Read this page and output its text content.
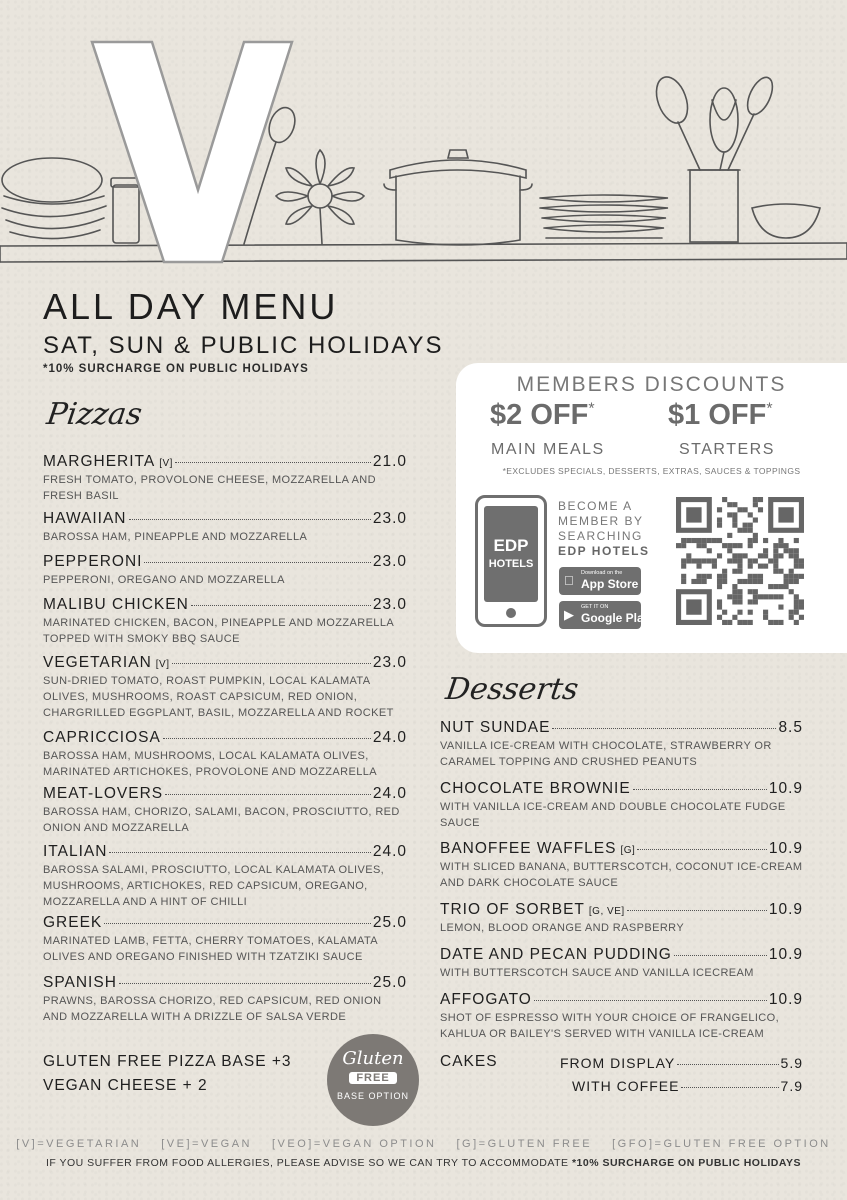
ALL DAY MENU
SAT, SUN & PUBLIC HOLIDAYS
*10% SURCHARGE ON PUBLIC HOLIDAYS
Pizzas
MARGHERITA [V]	21.0
FRESH TOMATO, PROVOLONE CHEESE, MOZZARELLA AND FRESH BASIL
HAWAIIAN	23.0
BAROSSA HAM, PINEAPPLE AND MOZZARELLA
PEPPERONI	23.0
PEPPERONI, OREGANO AND MOZZARELLA
MALIBU CHICKEN	23.0
MARINATED CHICKEN, BACON, PINEAPPLE AND MOZZARELLA TOPPED WITH SMOKY BBQ SAUCE
VEGETARIAN [V]	23.0
SUN-DRIED TOMATO, ROAST PUMPKIN, LOCAL KALAMATA OLIVES, MUSHROOMS, ROAST CAPSICUM, RED ONION, CHARGRILLED EGGPLANT, BASIL, MOZZARELLA AND ROCKET
CAPRICCIOSA	24.0
BAROSSA HAM, MUSHROOMS, LOCAL KALAMATA OLIVES, MARINATED ARTICHOKES, PROVOLONE AND MOZZARELLA
MEAT-LOVERS	24.0
BAROSSA HAM, CHORIZO, SALAMI, BACON, PROSCIUTTO, RED ONION AND MOZZARELLA
ITALIAN	24.0
BAROSSA SALAMI, PROSCIUTTO, LOCAL KALAMATA OLIVES, MUSHROOMS, ARTICHOKES, RED CAPSICUM, OREGANO, MOZZARELLA AND A HINT OF CHILLI
GREEK	25.0
MARINATED LAMB, FETTA, CHERRY TOMATOES, KALAMATA OLIVES AND OREGANO FINISHED WITH TZATZIKI SAUCE
SPANISH	25.0
PRAWNS, BAROSSA CHORIZO, RED CAPSICUM, RED ONION AND MOZZARELLA WITH A DRIZZLE OF SALSA VERDE
GLUTEN FREE PIZZA BASE +3
VEGAN CHEESE + 2
Gluten
FREE
BASE OPTION
MEMBERS DISCOUNTS
$2 OFF*	$1 OFF*
MAIN MEALS	STARTERS
*EXCLUDES SPECIALS, DESSERTS, EXTRAS, SAUCES & TOPPINGS
EDP
HOTELS
BECOME A
MEMBER BY
SEARCHING
EDP HOTELS
Download on the
App Store
▶ GET IT ON
Google Play
Desserts
NUT SUNDAE	8.5
VANILLA ICE-CREAM WITH CHOCOLATE, STRAWBERRY OR CARAMEL TOPPING AND CRUSHED PEANUTS
CHOCOLATE BROWNIE	10.9
WITH VANILLA ICE-CREAM AND DOUBLE CHOCOLATE FUDGE SAUCE
BANOFFEE WAFFLES [G]	10.9
WITH SLICED BANANA, BUTTERSCOTCH, COCONUT ICE-CREAM AND DARK CHOCOLATE SAUCE
TRIO OF SORBET [G, VE]	10.9
LEMON, BLOOD ORANGE AND RASPBERRY
DATE AND PECAN PUDDING	10.9
WITH BUTTERSCOTCH SAUCE AND VANILLA ICECREAM
AFFOGATO	10.9
SHOT OF ESPRESSO WITH YOUR CHOICE OF FRANGELICO, KAHLUA OR BAILEY'S SERVED WITH VANILLA ICE-CREAM
CAKES	FROM DISPLAY	5.9
WITH COFFEE	7.9
[V]=VEGETARIAN [VE]=VEGAN [VEO]=VEGAN OPTION [G]=GLUTEN FREE [GFO]=GLUTEN FREE OPTION
IF YOU SUFFER FROM FOOD ALLERGIES, PLEASE ADVISE SO WE CAN TRY TO ACCOMMODATE *10% SURCHARGE ON PUBLIC HOLIDAYS
